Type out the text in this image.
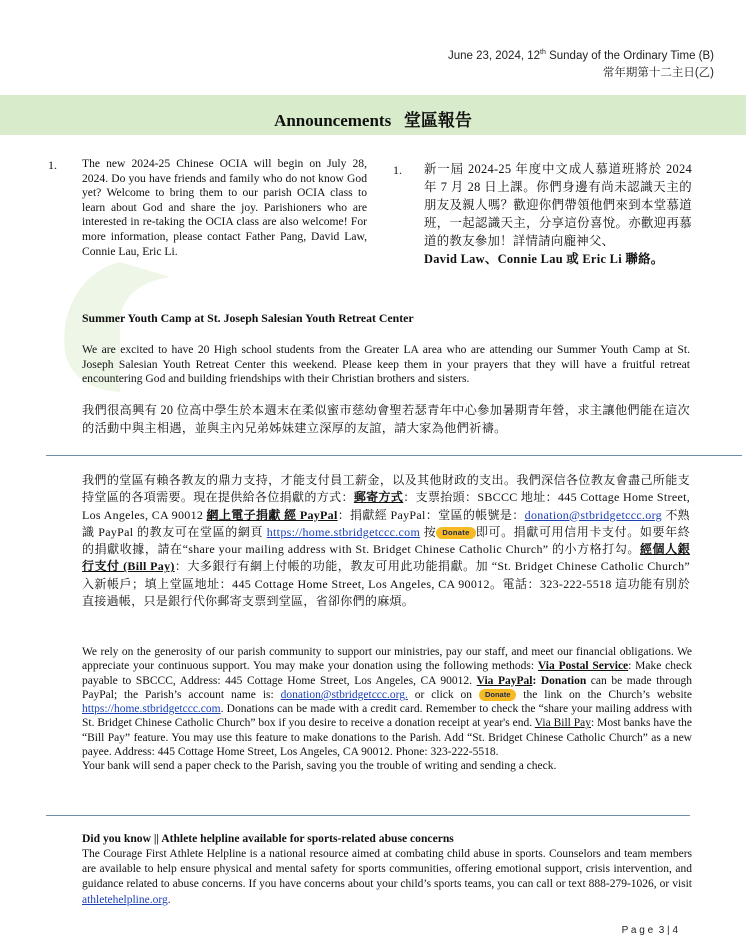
June 23, 2024, 12th Sunday of the Ordinary Time (B)
常年期第十二主日(乙)
Announcements   堂區報告
1. The new 2024-25 Chinese OCIA will begin on July 28, 2024. Do you have friends and family who do not know God yet? Welcome to bring them to our parish OCIA class to learn about God and share the joy. Parishioners who are interested in re-taking the OCIA class are also welcome! For more information, please contact Father Pang, David Law, Connie Lau, Eric Li.
1. 新一屆 2024-25 年度中文成人慕道班將於 2024 年 7 月 28 日上課。你們身邊有尚未認識天主的朋友及親人嗎？歡迎你們帶領他們來到本堂慕道班，一起認識天主，分享這份喜悅。亦歡迎再慕道的教友參加！詳情請向龐神父、
David Law、Connie Lau 或 Eric Li 聯絡。
Summer Youth Camp at St. Joseph Salesian Youth Retreat Center
We are excited to have 20 High school students from the Greater LA area who are attending our Summer Youth Camp at St. Joseph Salesian Youth Retreat Center this weekend. Please keep them in your prayers that they will have a fruitful retreat encountering God and building friendships with their Christian brothers and sisters.
我們很高興有 20 位高中學生於本週末在柔似蜜市慈幼會聖若瑟青年中心參加暑期青年營，求主讓他們能在這次的活動中與主相遇，並與主內兄弟姊妹建立深厚的友誼，請大家為他們祈禱。
我們的堂區有賴各教友的鼎力支持，才能支付員工薪金，以及其他財政的支出。我們深信各位教友會盡己所能支持堂區的各項需要。現在提供給各位捐獻的方式：郵寄方式：支票抬頭：SBCCC 地址：445 Cottage Home Street, Los Angeles, CA 90012 網上電子捐獻 經 PayPal：捐獻經 PayPal：堂區的帳號是：donation@stbridgetccc.org 不熟識 PayPal 的教友可在堂區的網頁 https://home.stbridgetccc.com 按 Donate 即可。捐獻可用信用卡支付。如要年終的捐獻收據，請在“share your mailing address with St. Bridget Chinese Catholic Church” 的小方格打勾。經個人銀行支付 (Bill Pay)：大多銀行有網上付帳的功能，教友可用此功能捐獻。加 “St. Bridget Chinese Catholic Church” 入新帳戶；填上堂區地址：445 Cottage Home Street, Los Angeles, CA 90012。電話：323-222-5518 這功能有別於直接過帳，只是銀行代你郵寄支票到堂區，省卻你們的麻煩。
We rely on the generosity of our parish community to support our ministries, pay our staff, and meet our financial obligations. We appreciate your continuous support. You may make your donation using the following methods: Via Postal Service: Make check payable to SBCCC, Address: 445 Cottage Home Street, Los Angeles, CA 90012. Via PayPal: Donation can be made through PayPal; the Parish’s account name is: donation@stbridgetccc.org. or click on Donate the link on the Church’s website https://home.stbridgetccc.com. Donations can be made with a credit card. Remember to check the “share your mailing address with St. Bridget Chinese Catholic Church” box if you desire to receive a donation receipt at year's end. Via Bill Pay: Most banks have the “Bill Pay” feature. You may use this feature to make donations to the Parish. Add “St. Bridget Chinese Catholic Church” as a new payee. Address: 445 Cottage Home Street, Los Angeles, CA 90012. Phone: 323-222-5518.
Your bank will send a paper check to the Parish, saving you the trouble of writing and sending a check.
Did you know || Athlete helpline available for sports-related abuse concerns
The Courage First Athlete Helpline is a national resource aimed at combating child abuse in sports. Counselors and team members are available to help ensure physical and mental safety for sports communities, offering emotional support, crisis intervention, and guidance related to abuse concerns. If you have concerns about your child’s sports teams, you can call or text 888-279-1026, or visit athletehelpline.org.
P a g e  3 | 4
